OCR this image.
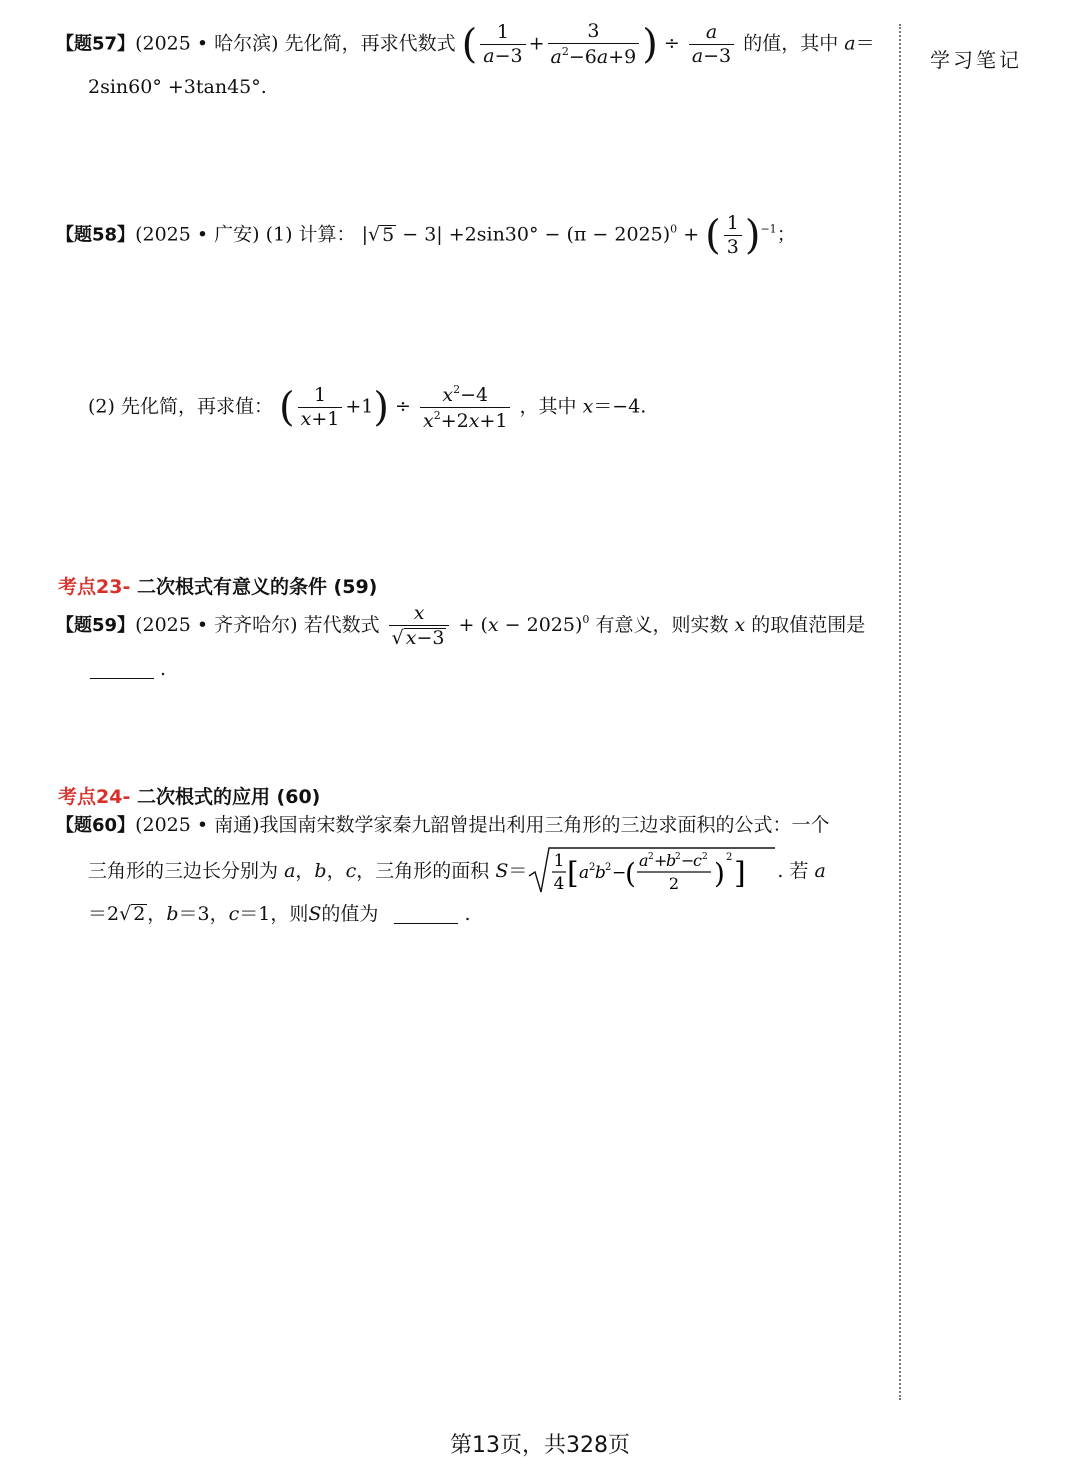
学习笔记
【题57】(2025 • 哈尔滨) 先化简，再求代数式 ( $\frac{1}{a-3} + \frac{3}{a^2-6a+9}$ ) ÷ $\frac{a}{a-3}$ 的值，其中 a＝
2sin60° +3tan45°.
【题58】(2025 • 广安) (1) 计算： |√ $5 - 3| +2\sin 30^\circ - (\pi - 2025)^0$ + ( $\frac{1}{3} )^{-1}$；
(2) 先化简，再求值： ( $\frac{1}{x+1} +1) \div \frac{x^2-4}{x^2+2x+1}$ ，其中 x＝−4.
考点23- 二次根式有意义的条件 (59)
【题59】(2025 • 齐齐哈尔) 若代数式 $\frac{x}{√ x-3} + (x - 2025)^0$ 有意义，则实数 x 的取值范围是
.
考点24- 二次根式的应用 (60)
【题60】(2025 • 南通)我国南宋数学家秦九韶曾提出利用三角形的三边求面积的公式：一个
三角形的三边长分别为
a ， b ， c ，三角形的面积
S ＝ 1
4 [ a 2 b 2 −
( a 2 +
b
2 −
c 2
2 ) 2 ] . 若
a
＝2√ 2 ，b＝3，c＝1，则S的值为	.
第13页，共328页
